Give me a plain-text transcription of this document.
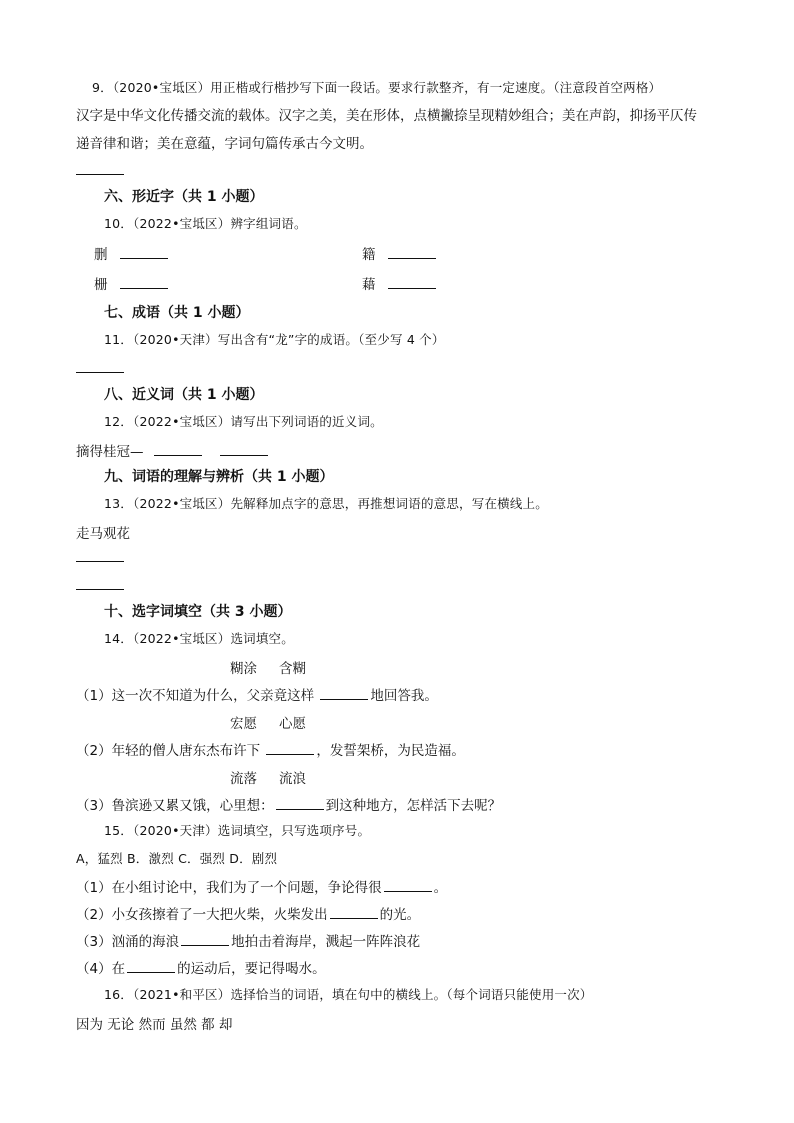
9．（2020•宝坻区）用正楷或行楷抄写下面一段话。要求行款整齐，有一定速度。（注意段首空两格）
汉字是中华文化传播交流的载体。汉字之美，美在形体，点横撇捺呈现精妙组合；美在声韵，抑扬平仄传
递音律和谐；美在意蕴，字词句篇传承古今文明。
六、形近字（共 1 小题）
10．（2022•宝坻区）辨字组词语。
删	籍
栅	藉
七、成语（共 1 小题）
11．（2020•天津）写出含有“龙”字的成语。（至少写 4 个）
八、近义词（共 1 小题）
12．（2022•宝坻区）请写出下列词语的近义词。
摘得桂冠—
九、词语的理解与辨析（共 1 小题）
13．（2022•宝坻区）先解释加点字的意思，再推想词语的意思，写在横线上。
走马观花
十、选字词填空（共 3 小题）
14．（2022•宝坻区）选词填空。
糊涂 含糊
（1）这一次不知道为什么，父亲竟这样	地回答我。
宏愿 心愿
（2）年轻的僧人唐东杰布许下	，发誓架桥，为民造福。
流落 流浪
（3）鲁滨逊又累又饿，心里想：	到这种地方，怎样活下去呢？
15．（2020•天津）选词填空，只写选项序号。
A，猛烈 B．激烈 C．强烈 D．剧烈
（1）在小组讨论中，我们为了一个问题，争论得很	。
（2）小女孩擦着了一大把火柴，火柴发出	的光。
（3）汹涌的海浪	地拍击着海岸，溅起一阵阵浪花
（4）在	的运动后，要记得喝水。
16．（2021•和平区）选择恰当的词语，填在句中的横线上。（每个词语只能使用一次）
因为 无论 然而 虽然 都 却
